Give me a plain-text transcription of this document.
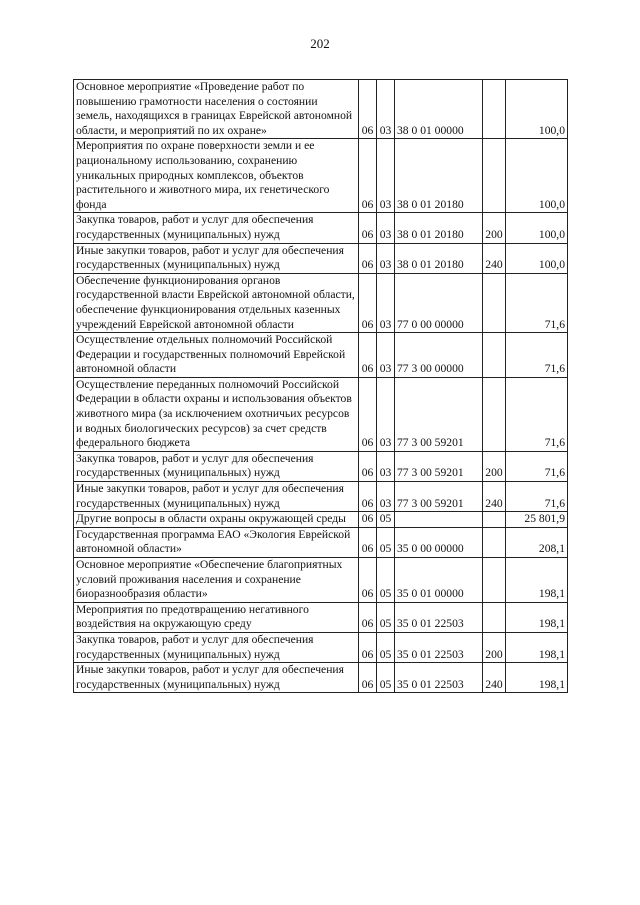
202
Основное мероприятие «Проведение работ по повышению грамотности населения о состоянии земель, находящихся в границах Еврейской автономной области, и мероприятий по их охране»	06	03	38 0 01 00000		100,0
Мероприятия по охране поверхности земли и ее рациональному использованию, сохранению уникальных природных комплексов, объектов растительного и животного мира, их генетического фонда	06	03	38 0 01 20180		100,0
Закупка товаров, работ и услуг для обеспечения государственных (муниципальных) нужд	06	03	38 0 01 20180	200	100,0
Иные закупки товаров, работ и услуг для обеспечения государственных (муниципальных) нужд	06	03	38 0 01 20180	240	100,0
Обеспечение функционирования органов государственной власти Еврейской автономной области, обеспечение функционирования отдельных казенных учреждений Еврейской автономной области	06	03	77 0 00 00000		71,6
Осуществление отдельных полномочий Российской Федерации и государственных полномочий Еврейской автономной области	06	03	77 3 00 00000		71,6
Осуществление переданных полномочий Российской Федерации в области охраны и использования объектов животного мира (за исключением охотничьих ресурсов и водных биологических ресурсов) за счет средств федерального бюджета	06	03	77 3 00 59201		71,6
Закупка товаров, работ и услуг для обеспечения государственных (муниципальных) нужд	06	03	77 3 00 59201	200	71,6
Иные закупки товаров, работ и услуг для обеспечения государственных (муниципальных) нужд	06	03	77 3 00 59201	240	71,6
Другие вопросы в области охраны окружающей среды	06	05			25 801,9
Государственная программа ЕАО «Экология Еврейской автономной области»	06	05	35 0 00 00000		208,1
Основное мероприятие «Обеспечение благоприятных условий проживания населения и сохранение биоразнообразия области»	06	05	35 0 01 00000		198,1
Мероприятия по предотвращению негативного воздействия на окружающую среду	06	05	35 0 01 22503		198,1
Закупка товаров, работ и услуг для обеспечения государственных (муниципальных) нужд	06	05	35 0 01 22503	200	198,1
Иные закупки товаров, работ и услуг для обеспечения государственных (муниципальных) нужд	06	05	35 0 01 22503	240	198,1
